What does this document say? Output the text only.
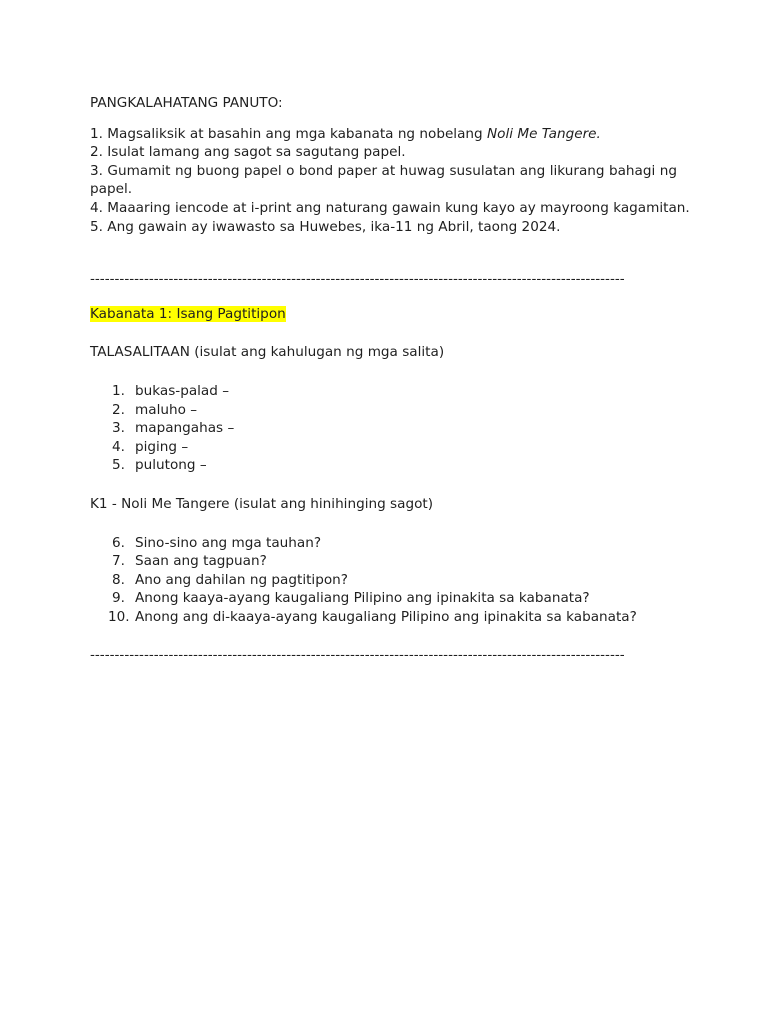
PANGKALAHATANG PANUTO:
1. Magsaliksik at basahin ang mga kabanata ng nobelang Noli Me Tangere.
2. Isulat lamang ang sagot sa sagutang papel.
3. Gumamit ng buong papel o bond paper at huwag susulatan ang likurang bahagi ng papel.
4. Maaaring iencode at i-print ang naturang gawain kung kayo ay mayroong kagamitan.
5. Ang gawain ay iwawasto sa Huwebes, ika-11 ng Abril, taong 2024.
-------------------------------------------------------------------------------------------------------------
Kabanata 1: Isang Pagtitipon
TALASALITAAN (isulat ang kahulugan ng mga salita)
1. bukas-palad –
2. maluho –
3. mapangahas –
4. piging –
5. pulutong –
K1 - Noli Me Tangere (isulat ang hinihinging sagot)
6. Sino-sino ang mga tauhan?
7. Saan ang tagpuan?
8. Ano ang dahilan ng pagtitipon?
9. Anong kaaya-ayang kaugaliang Pilipino ang ipinakita sa kabanata?
10. Anong ang di-kaaya-ayang kaugaliang Pilipino ang ipinakita sa kabanata?
-------------------------------------------------------------------------------------------------------------
